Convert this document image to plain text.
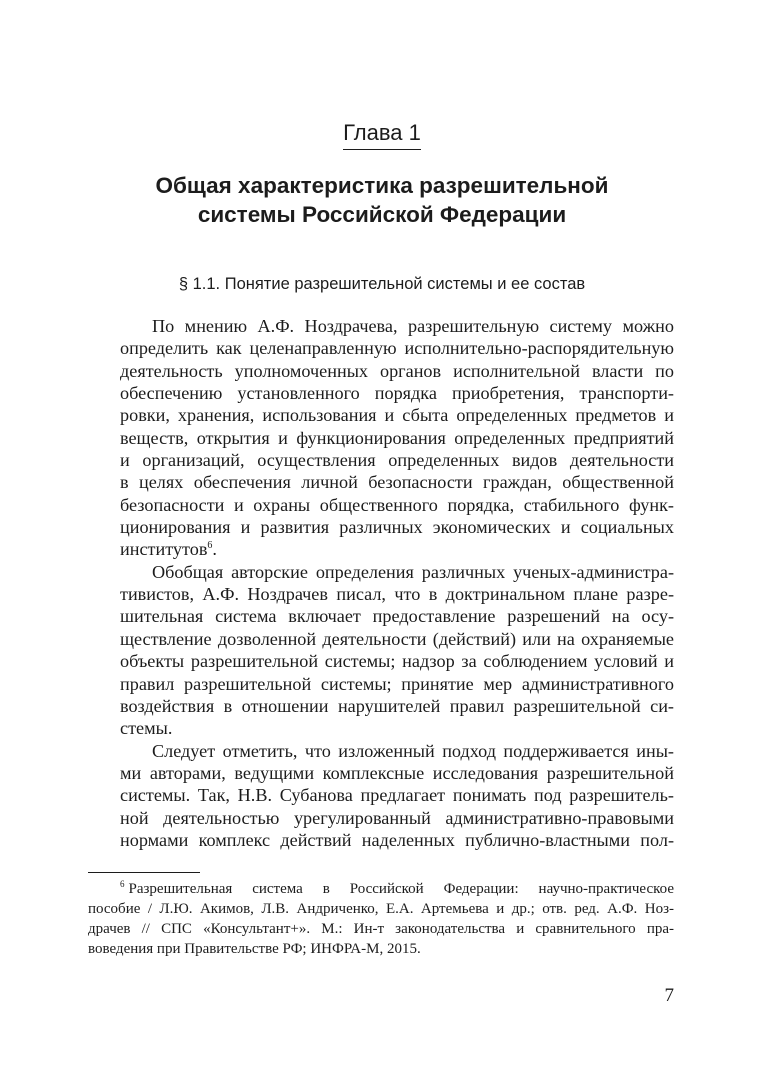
Глава 1
Общая характеристика разрешительной
системы Российской Федерации
§ 1.1. Понятие разрешительной системы и ее состав
По мнению А.Ф. Ноздрачева, разрешительную систему можно
определить как целенаправленную исполнительно-распорядительную
деятельность уполномоченных органов исполнительной власти по
обеспечению установленного порядка приобретения, транспорти-
ровки, хранения, использования и сбыта определенных предметов и
веществ, открытия и функционирования определенных предприятий
и организаций, осуществления определенных видов деятельности
в целях обеспечения личной безопасности граждан, общественной
безопасности и охраны общественного порядка, стабильного функ-
ционирования и развития различных экономических и социальных
институтов$^6$.
Обобщая авторские определения различных ученых-администра-
тивистов, А.Ф. Ноздрачев писал, что в доктринальном плане разре-
шительная система включает предоставление разрешений на осу-
ществление дозволенной деятельности (действий) или на охраняемые
объекты разрешительной системы; надзор за соблюдением условий и
правил разрешительной системы; принятие мер административного
воздействия в отношении нарушителей правил разрешительной си-
стемы.
Следует отметить, что изложенный подход поддерживается ины-
ми авторами, ведущими комплексные исследования разрешительной
системы. Так, Н.В. Субанова предлагает понимать под разрешитель-
ной деятельностью урегулированный административно-правовыми
нормами комплекс действий наделенных публично-властными пол-
$^6$ Разрешительная система в Российской Федерации: научно-практическое
пособие / Л.Ю. Акимов, Л.В. Андриченко, Е.А. Артемьева и др.; отв. ред. А.Ф. Ноз-
драчев // СПС «Консультант+». М.: Ин-т законодательства и сравнительного пра-
воведения при Правительстве РФ; ИНФРА-М, 2015.
7
